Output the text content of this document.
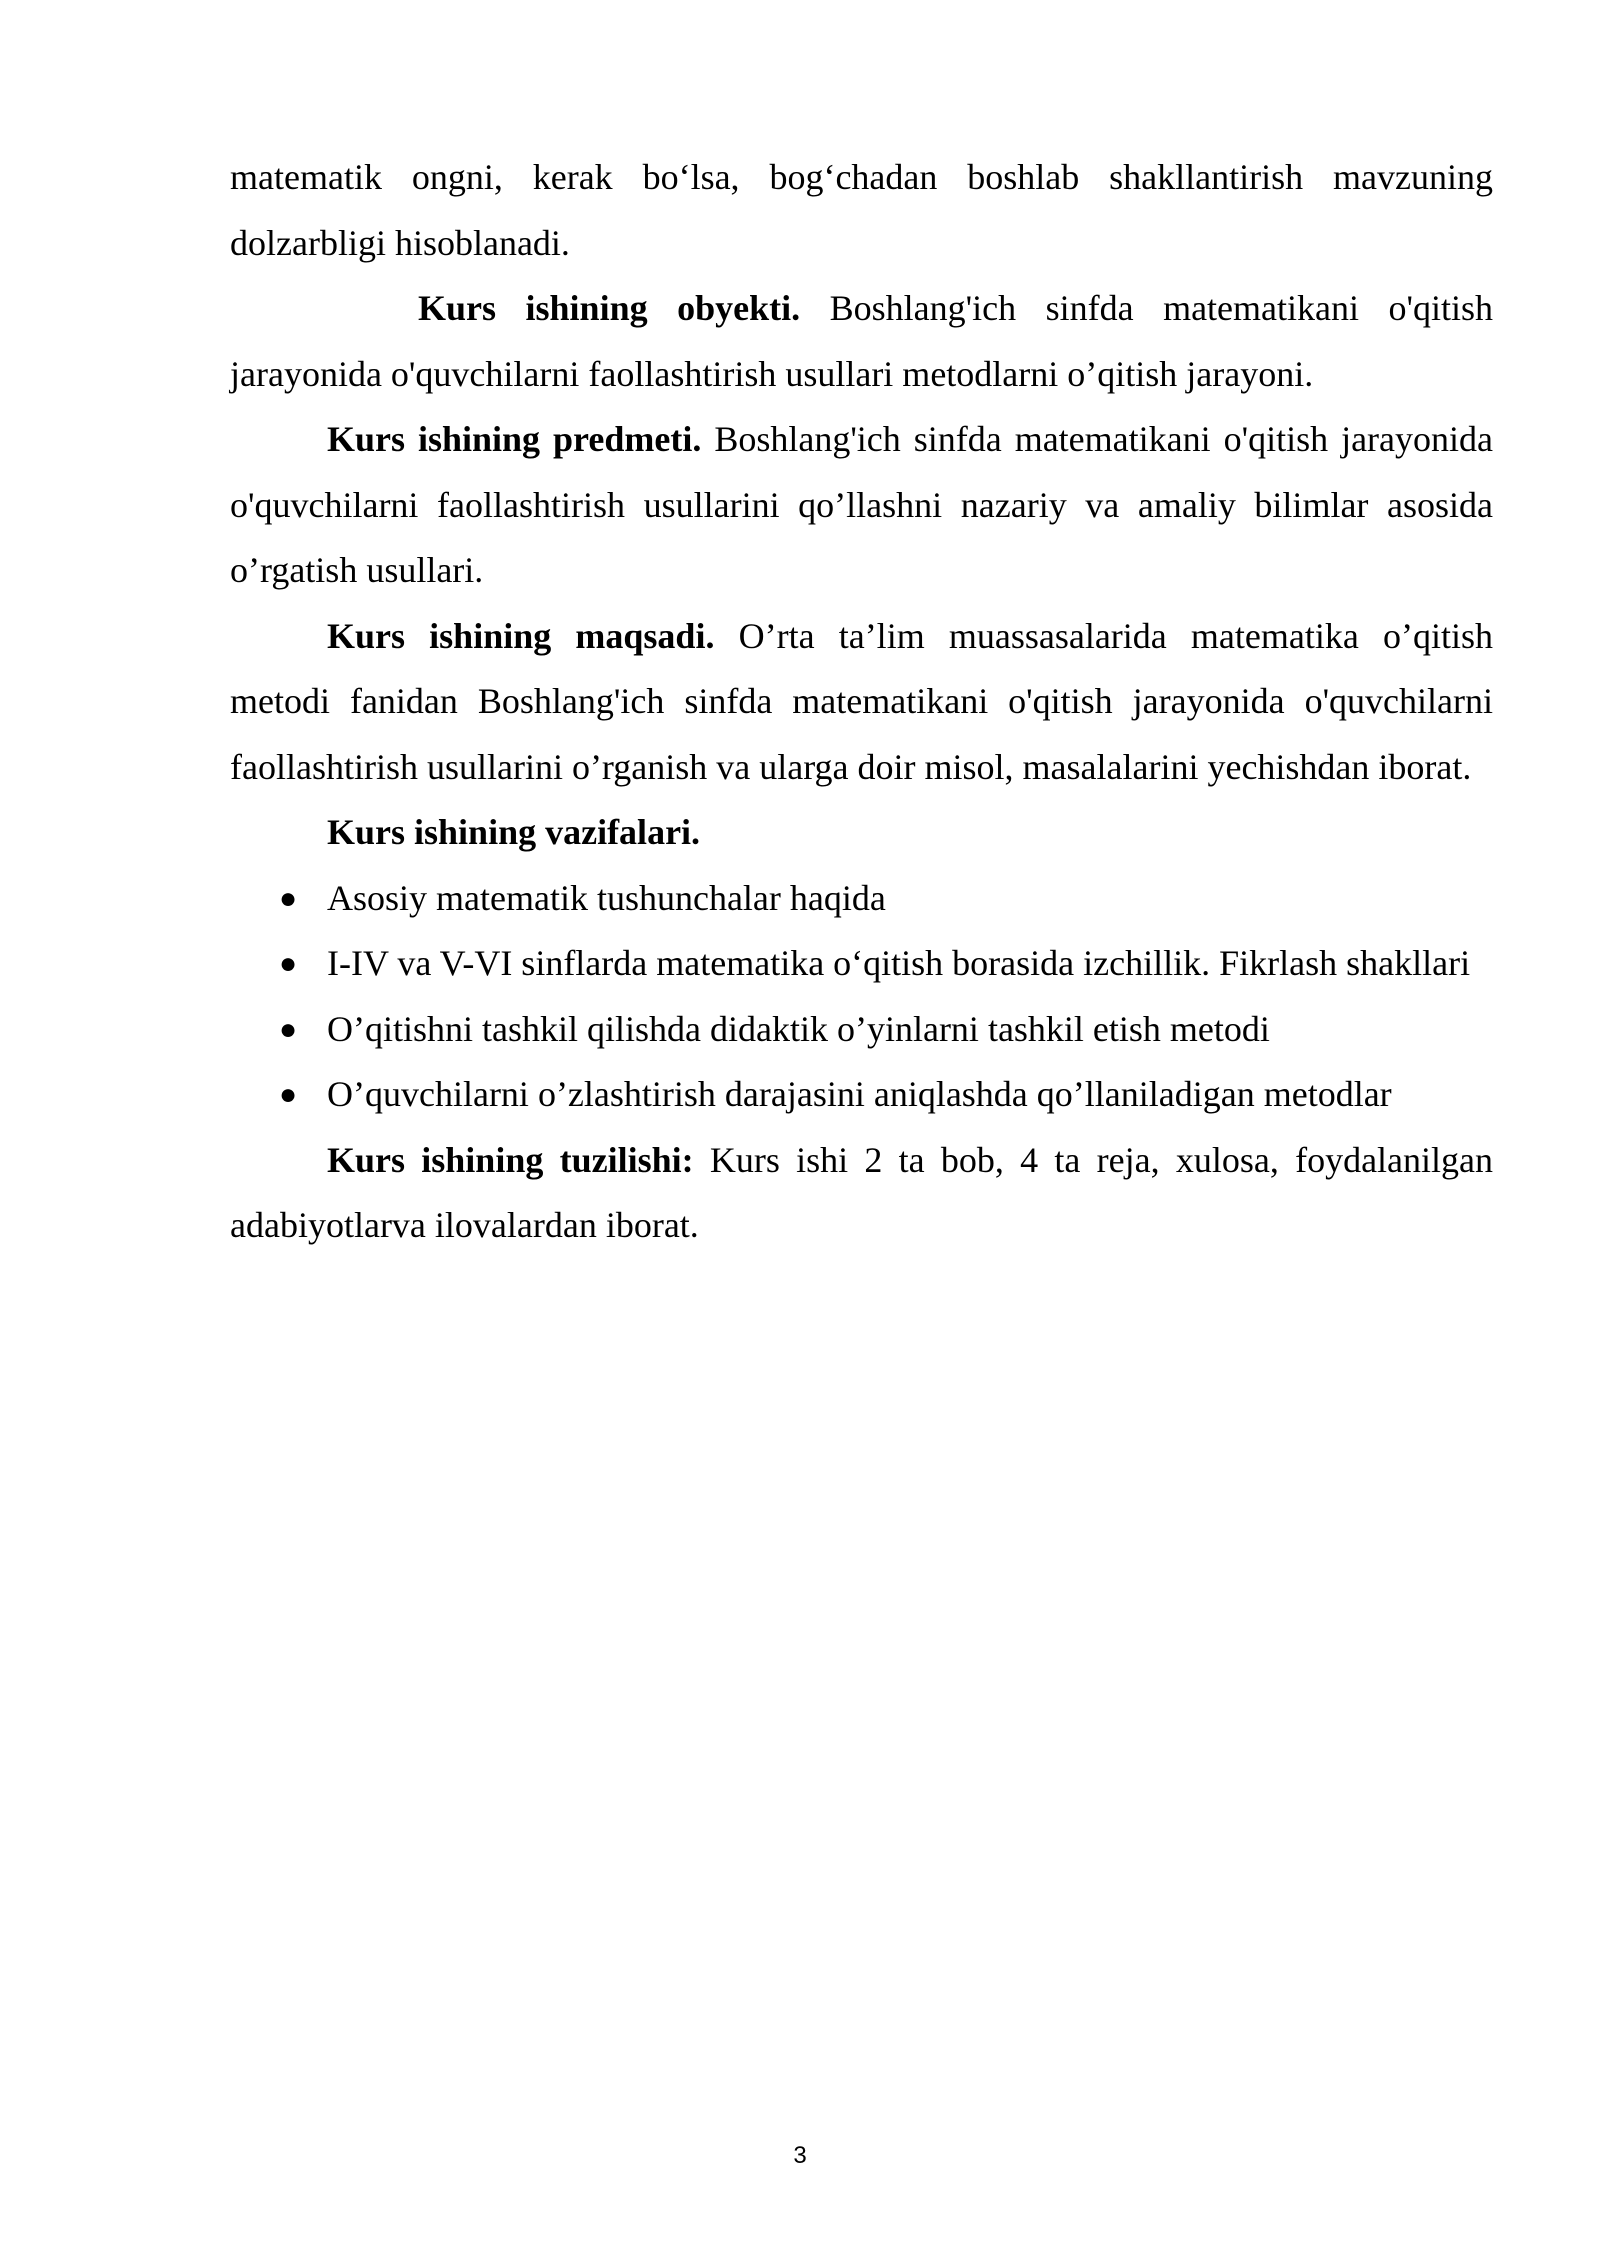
matematik ongni, kerak bo‘lsa, bog‘chadan boshlab shakllantirish mavzuning dolzarbligi hisoblanadi.

Kurs ishining obyekti. Boshlang'ich sinfda matematikani o'qitish jarayonida o'quvchilarni faollashtirish usullari metodlarni o’qitish jarayoni.

Kurs ishining predmeti. Boshlang'ich sinfda matematikani o'qitish jarayonida o'quvchilarni faollashtirish usullarini qo’llashni nazariy va amaliy bilimlar asosida o’rgatish usullari.

Kurs ishining maqsadi. O’rta ta’lim muassasalarida matematika o’qitish metodi fanidan Boshlang'ich sinfda matematikani o'qitish jarayonida o'quvchilarni faollashtirish usullarini o’rganish va ularga doir misol, masalalarini yechishdan iborat.

Kurs ishining vazifalari.

● Asosiy matematik tushunchalar haqida
● I-IV va V-VI sinflarda matematika o‘qitish borasida izchillik. Fikrlash shakllari
● O’qitishni tashkil qilishda didaktik o’yinlarni tashkil etish metodi
● O’quvchilarni o’zlashtirish darajasini aniqlashda qo’llaniladigan metodlar

Kurs ishining tuzilishi: Kurs ishi 2 ta bob, 4 ta reja, xulosa, foydalanilgan adabiyotlarva ilovalardan iborat.

3
